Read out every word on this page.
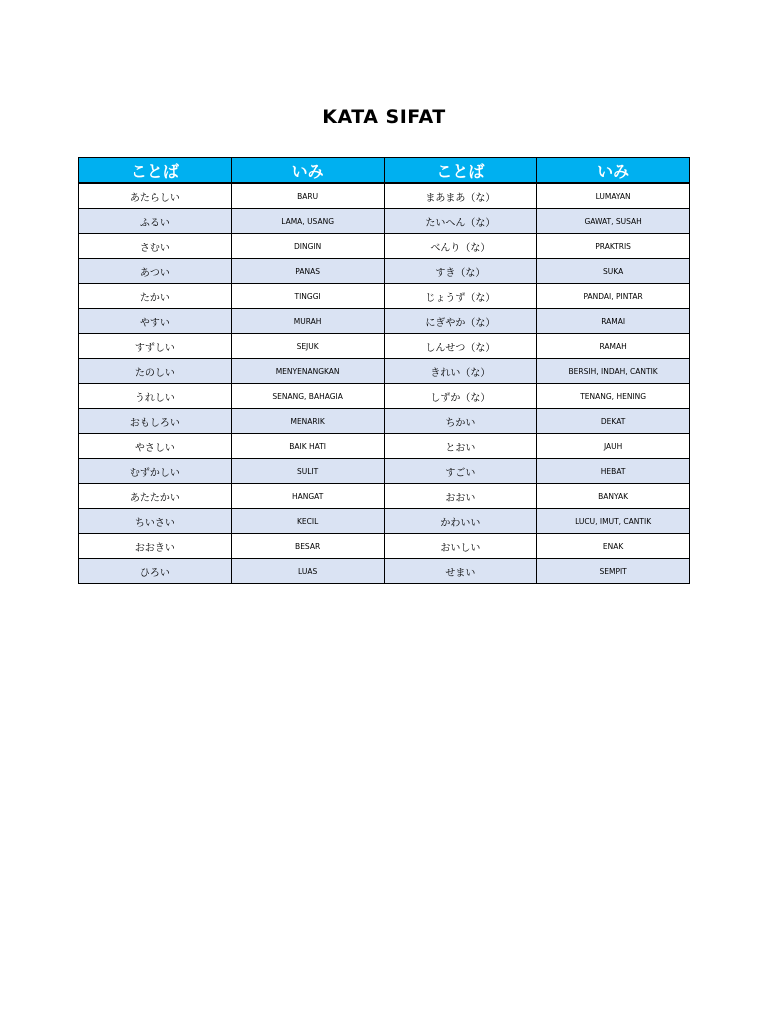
KATA SIFAT
ことば	いみ	ことば	いみ
あたらしい	BARU	まあまあ（な）	LUMAYAN
ふるい	LAMA, USANG	たいへん（な）	GAWAT, SUSAH
さむい	DINGIN	べんり（な）	PRAKTRIS
あつい	PANAS	すき（な）	SUKA
たかい	TINGGI	じょうず（な）	PANDAI, PINTAR
やすい	MURAH	にぎやか（な）	RAMAI
すずしい	SEJUK	しんせつ（な）	RAMAH
たのしい	MENYENANGKAN	きれい（な）	BERSIH, INDAH, CANTIK
うれしい	SENANG, BAHAGIA	しずか（な）	TENANG, HENING
おもしろい	MENARIK	ちかい	DEKAT
やさしい	BAIK HATI	とおい	JAUH
むずかしい	SULIT	すごい	HEBAT
あたたかい	HANGAT	おおい	BANYAK
ちいさい	KECIL	かわいい	LUCU, IMUT, CANTIK
おおきい	BESAR	おいしい	ENAK
ひろい	LUAS	せまい	SEMPIT
